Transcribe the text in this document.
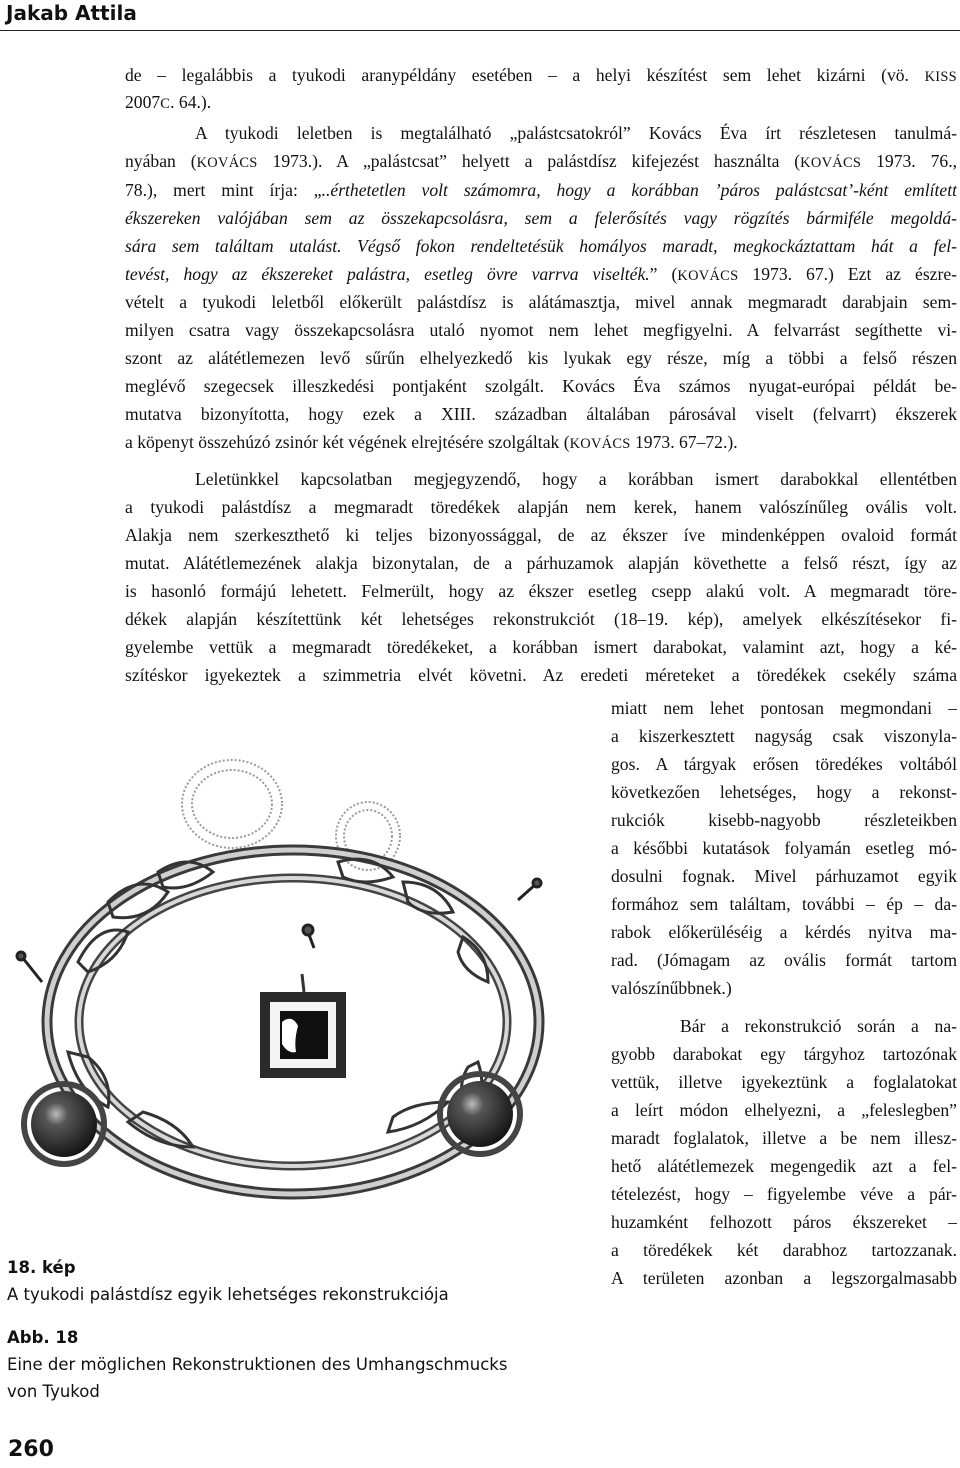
Jakab Attila
de – legalábbis a tyukodi aranypéldány esetében – a helyi készítést sem lehet kizárni (vö. KISS
2007C. 64.).
A tyukodi leletben is megtalálható „palástcsatokról” Kovács Éva írt részletesen tanulmá-
nyában (KOVÁCS 1973.). A „palástcsat” helyett a palástdísz kifejezést használta (KOVÁCS 1973. 76.,
78.), mert mint írja: „..érthetetlen volt számomra, hogy a korábban ’páros palástcsat’-ként említett
ékszereken valójában sem az összekapcsolásra, sem a felerősítés vagy rögzítés bármiféle megoldá-
sára sem találtam utalást. Végső fokon rendeltetésük homályos maradt, megkockáztattam hát a fel-
tevést, hogy az ékszereket palástra, esetleg övre varrva viselték.” (KOVÁCS 1973. 67.) Ezt az észre-
vételt a tyukodi leletből előkerült palástdísz is alátámasztja, mivel annak megmaradt darabjain sem-
milyen csatra vagy összekapcsolásra utaló nyomot nem lehet megfigyelni. A felvarrást segíthette vi-
szont az alátétlemezen levő sűrűn elhelyezkedő kis lyukak egy része, míg a többi a felső részen
meglévő szegecsek illeszkedési pontjaként szolgált. Kovács Éva számos nyugat-európai példát be-
mutatva bizonyította, hogy ezek a XIII. században általában párosával viselt (felvarrt) ékszerek
a köpenyt összehúzó zsinór két végének elrejtésére szolgáltak (KOVÁCS 1973. 67–72.).
Leletünkkel kapcsolatban megjegyzendő, hogy a korábban ismert darabokkal ellentétben
a tyukodi palástdísz a megmaradt töredékek alapján nem kerek, hanem valószínűleg ovális volt.
Alakja nem szerkeszthető ki teljes bizonyossággal, de az ékszer íve mindenképpen ovaloid formát
mutat. Alátétlemezének alakja bizonytalan, de a párhuzamok alapján követhette a felső részt, így az
is hasonló formájú lehetett. Felmerült, hogy az ékszer esetleg csepp alakú volt. A megmaradt töre-
dékek alapján készítettünk két lehetséges rekonstrukciót (18–19. kép), amelyek elkészítésekor fi-
gyelembe vettük a megmaradt töredékeket, a korábban ismert darabokat, valamint azt, hogy a ké-
szítéskor igyekeztek a szimmetria elvét követni. Az eredeti méreteket a töredékek csekély száma
miatt nem lehet pontosan megmondani –
a kiszerkesztett nagyság csak viszonyla-
gos. A tárgyak erősen töredékes voltából
következően lehetséges, hogy a rekonst-
rukciók kisebb-nagyobb részleteikben
a későbbi kutatások folyamán esetleg mó-
dosulni fognak. Mivel párhuzamot egyik
formához sem találtam, további – ép – da-
rabok előkerüléséig a kérdés nyitva ma-
rad. (Jómagam az ovális formát tartom
valószínűbbnek.)
Bár a rekonstrukció során a na-
gyobb darabokat egy tárgyhoz tartozónak
vettük, illetve igyekeztünk a foglalatokat
a leírt módon elhelyezni, a „feleslegben”
maradt foglalatok, illetve a be nem illesz-
hető alátétlemezek megengedik azt a fel-
tételezést, hogy – figyelembe véve a pár-
huzamként felhozott páros ékszereket –
a töredékek két darabhoz tartozzanak.
A területen azonban a legszorgalmasabb
18. kép
A tyukodi palástdísz egyik lehetséges rekonstrukciója
Abb. 18
Eine der möglichen Rekonstruktionen des Umhangschmucks
von Tyukod
260
